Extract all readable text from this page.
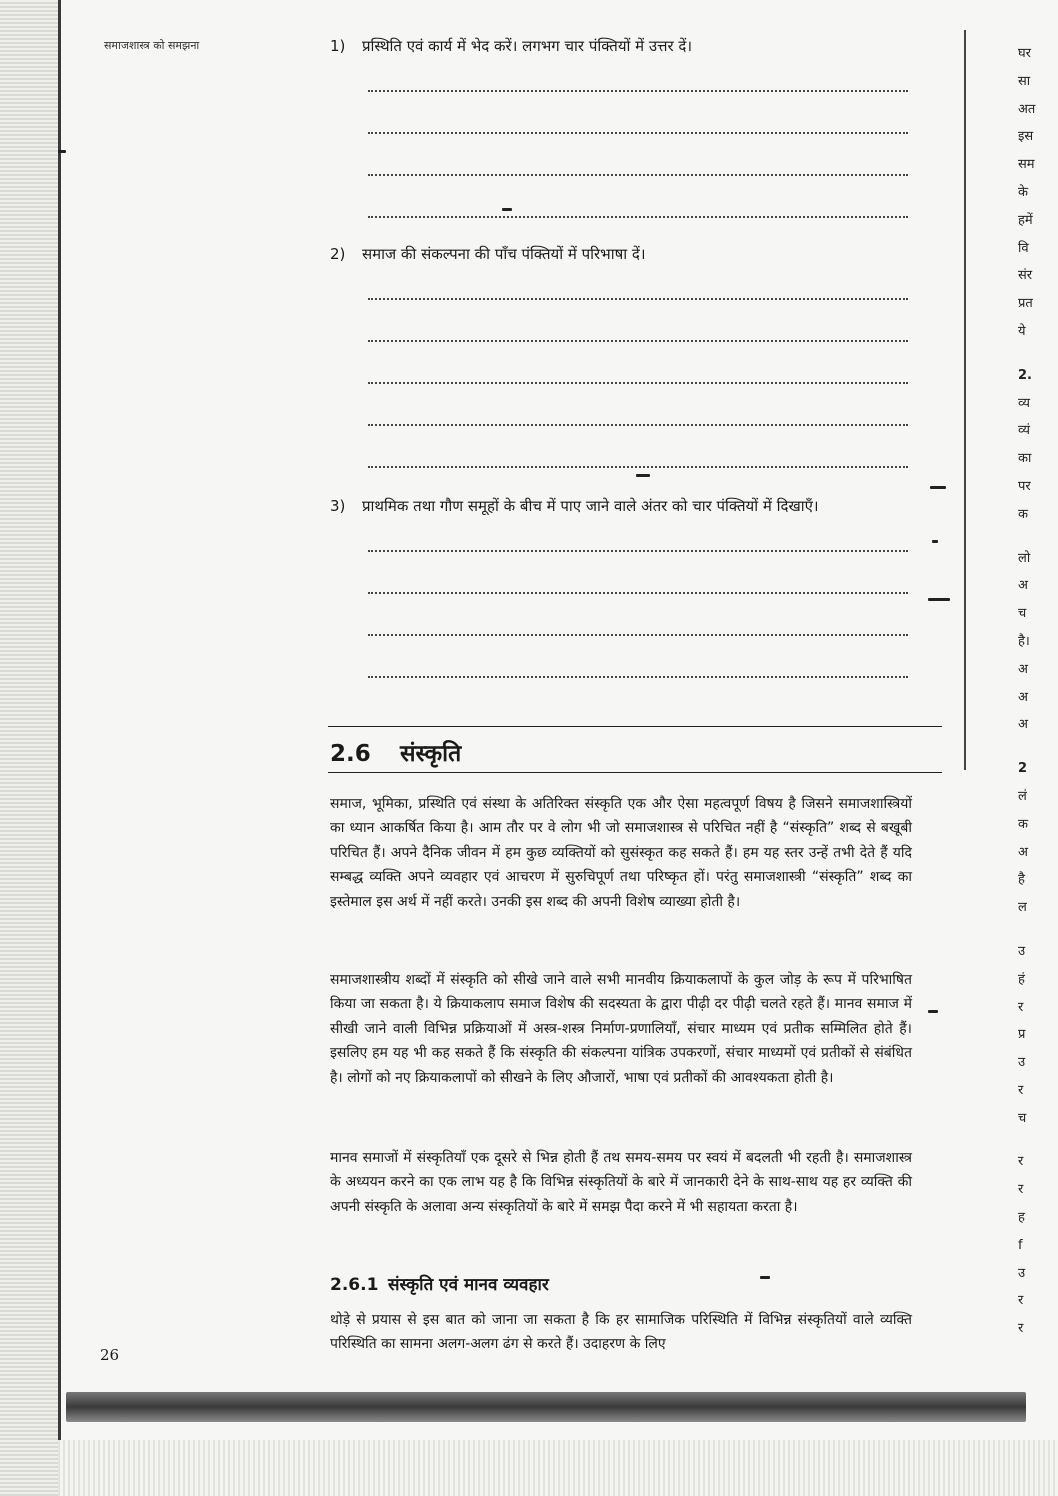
समाजशास्त्र को समझना	1) प्रस्थिति एवं कार्य में भेद करें। लगभग चार पंक्तियों में उत्तर दें।
2) समाज की संकल्पना की पाँच पंक्तियों में परिभाषा दें।
3) प्राथमिक तथा गौण समूहों के बीच में पाए जाने वाले अंतर को चार पंक्तियों में दिखाएँ।
2.6 संस्कृति

समाज, भूमिका, प्रस्थिति एवं संस्था के अतिरिक्त संस्कृति एक और ऐसा महत्वपूर्ण विषय है जिसने समाजशास्त्रियों का ध्यान आकर्षित किया है। आम तौर पर वे लोग भी जो समाजशास्त्र से परिचित नहीं है “संस्कृति” शब्द से बखूबी परिचित हैं। अपने दैनिक जीवन में हम कुछ व्यक्तियों को सुसंस्कृत कह सकते हैं। हम यह स्तर उन्हें तभी देते हैं यदि सम्बद्ध व्यक्ति अपने व्यवहार एवं आचरण में सुरुचिपूर्ण तथा परिष्कृत हों। परंतु समाजशास्त्री “संस्कृति” शब्द का इस्तेमाल इस अर्थ में नहीं करते। उनकी इस शब्द की अपनी विशेष व्याख्या होती है।

समाजशास्त्रीय शब्दों में संस्कृति को सीखे जाने वाले सभी मानवीय क्रियाकलापों के कुल जोड़ के रूप में परिभाषित किया जा सकता है। ये क्रियाकलाप समाज विशेष की सदस्यता के द्वारा पीढ़ी दर पीढ़ी चलते रहते हैं। मानव समाज में सीखी जाने वाली विभिन्न प्रक्रियाओं में अस्त्र-शस्त्र निर्माण-प्रणालियाँ, संचार माध्यम एवं प्रतीक सम्मिलित होते हैं। इसलिए हम यह भी कह सकते हैं कि संस्कृति की संकल्पना यांत्रिक उपकरणों, संचार माध्यमों एवं प्रतीकों से संबंधित है। लोगों को नए क्रियाकलापों को सीखने के लिए औजारों, भाषा एवं प्रतीकों की आवश्यकता होती है।

मानव समाजों में संस्कृतियाँ एक दूसरे से भिन्न होती हैं तथ समय-समय पर स्वयं में बदलती भी रहती है। समाजशास्त्र के अध्ययन करने का एक लाभ यह है कि विभिन्न संस्कृतियों के बारे में जानकारी देने के साथ-साथ यह हर व्यक्ति की अपनी संस्कृति के अलावा अन्य संस्कृतियों के बारे में समझ पैदा करने में भी सहायता करता है।

2.6.1 संस्कृति एवं मानव व्यवहार

थोड़े से प्रयास से इस बात को जाना जा सकता है कि हर सामाजिक परिस्थिति में विभिन्न संस्कृतियों वाले व्यक्ति परिस्थिति का सामना अलग-अलग ढंग से करते हैं। उदाहरण के लिए

26
घर
सा
अत
इस
सम
के
हमें
वि
संर
प्रत
ये
2.
व्य
व्यं
का
पर
क
लो
अ
च
है।
अ
अ
अ
2
लं
क
अ
है
ल
उ
हं
र
प्र
उ
र
च
र
र
ह
f
उ
र
र
